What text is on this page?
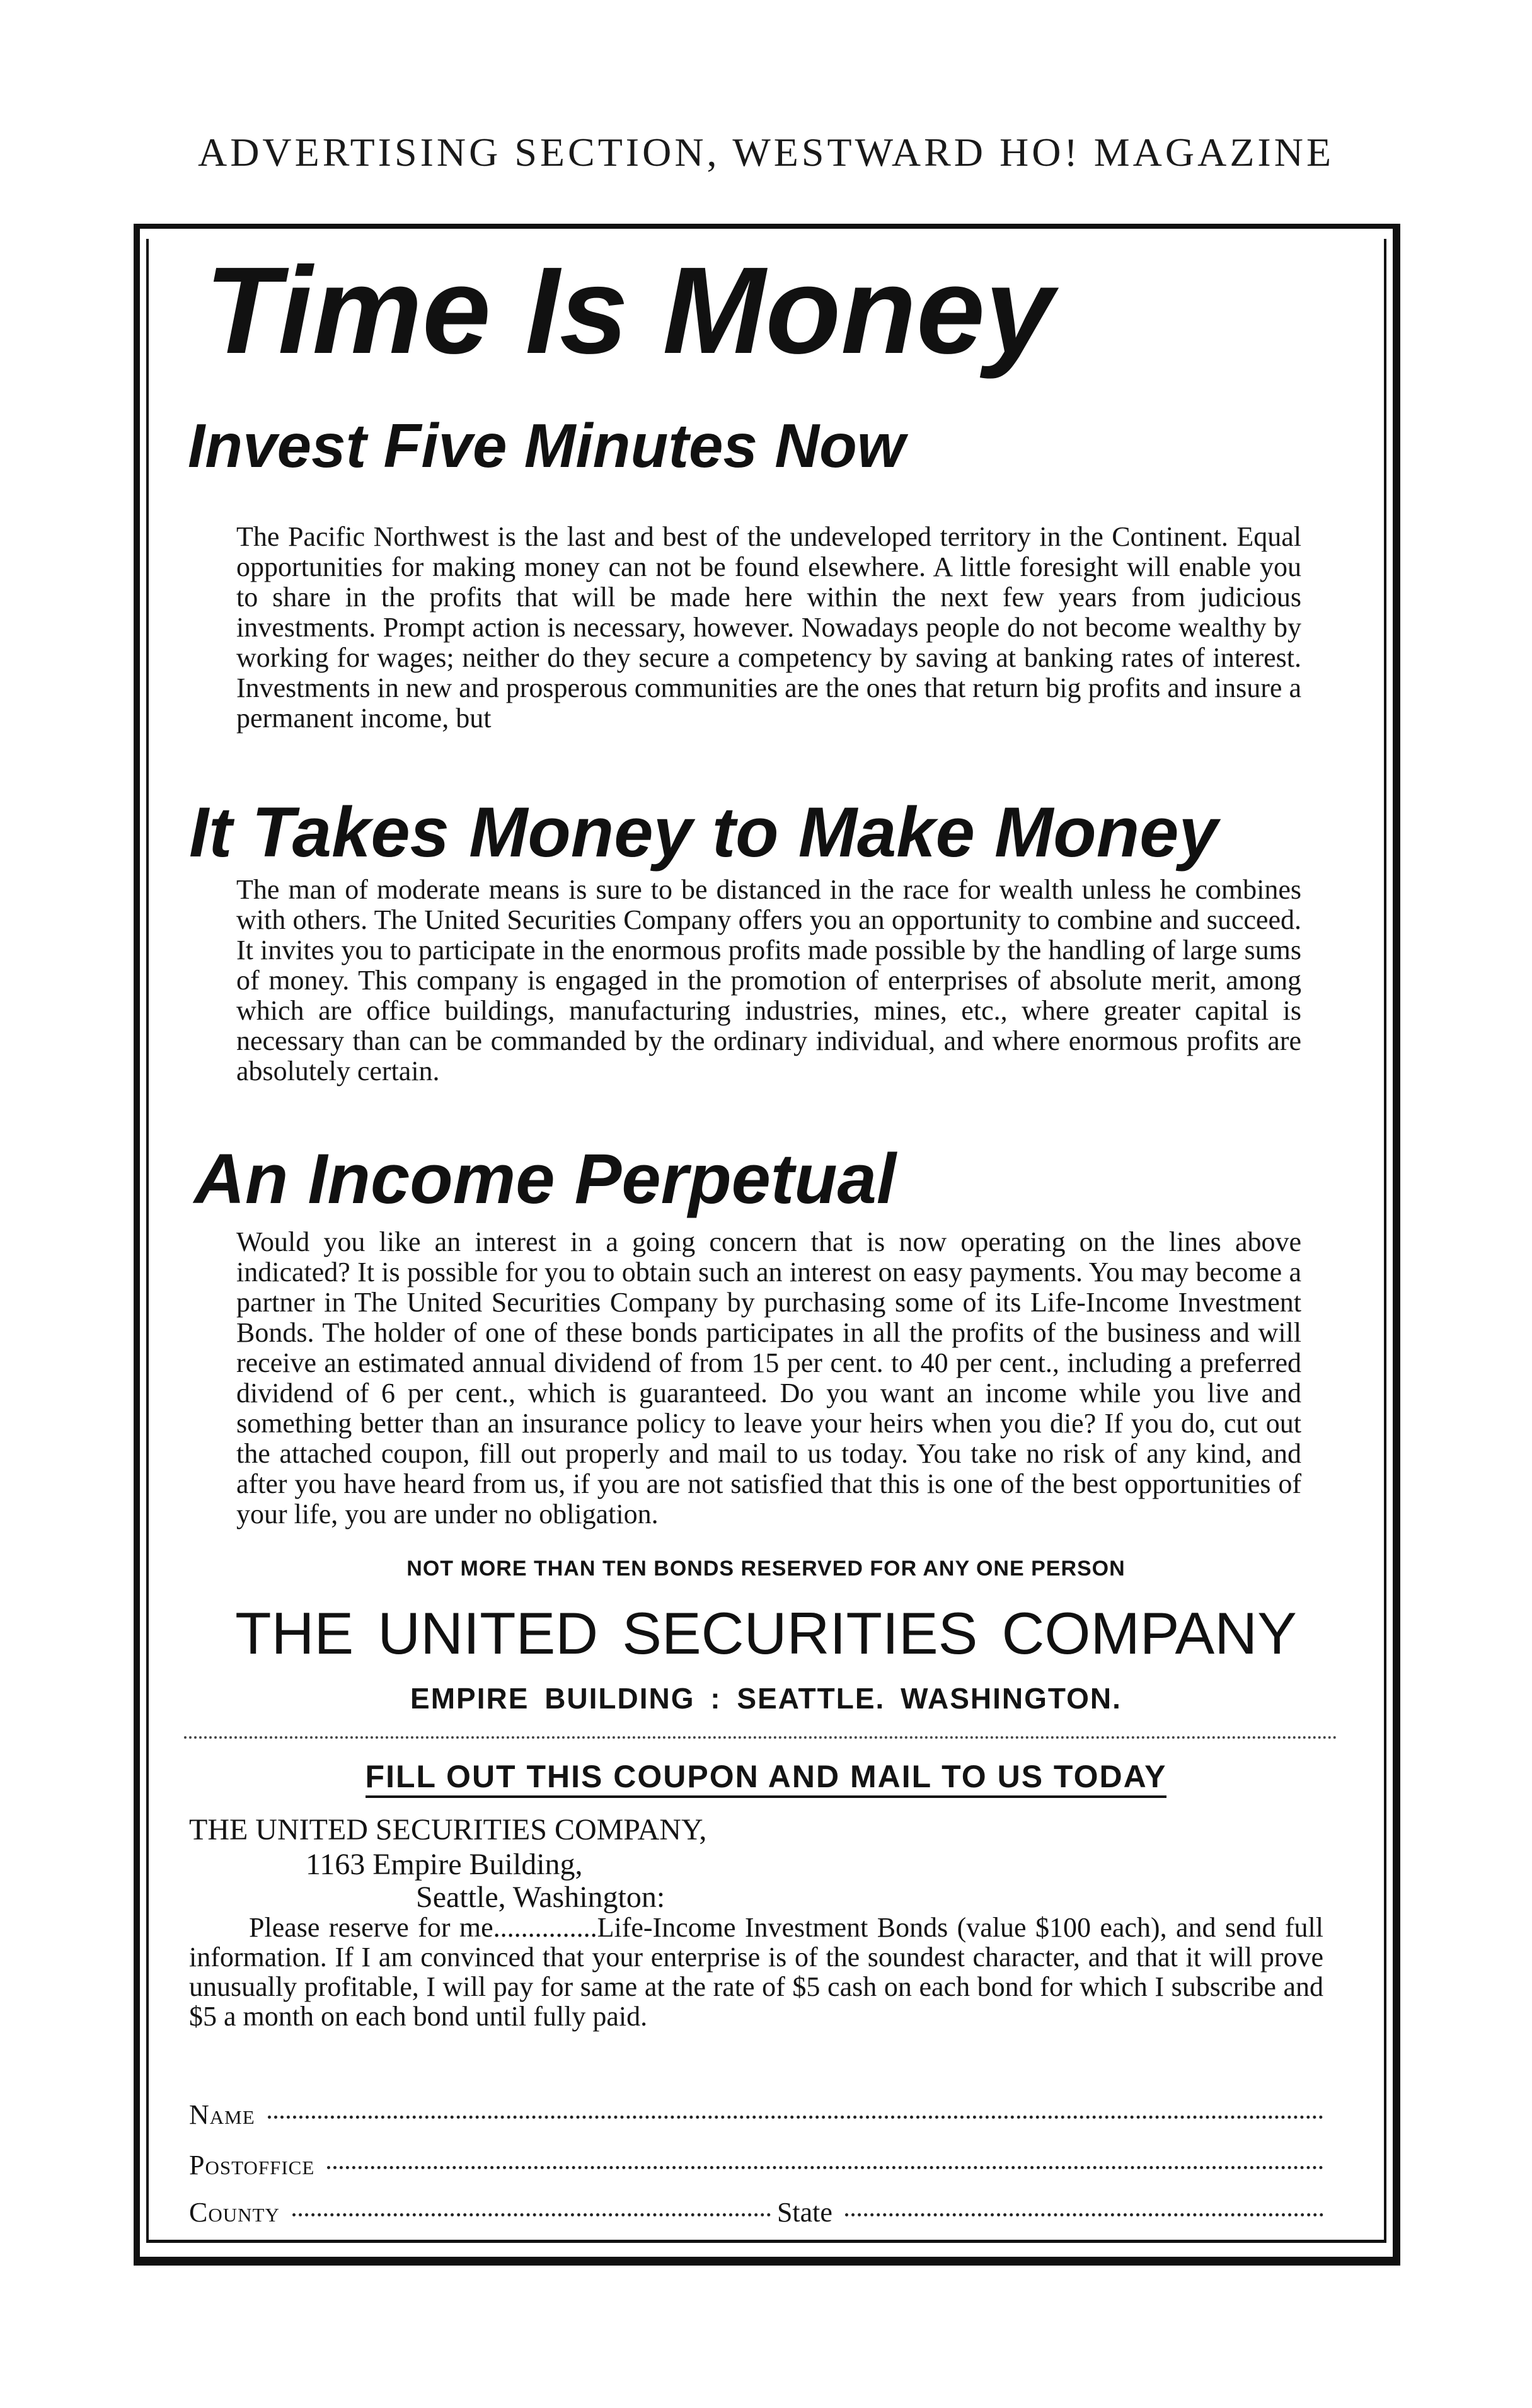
ADVERTISING SECTION, WESTWARD HO! MAGAZINE
Time Is Money
Invest Five Minutes Now
The Pacific Northwest is the last and best of the undeveloped territory in the Continent. Equal opportunities for making money can not be found elsewhere. A little foresight will enable you to share in the profits that will be made here within the next few years from judicious investments. Prompt action is necessary, however. Nowadays people do not become wealthy by working for wages; neither do they secure a competency by saving at banking rates of interest. Investments in new and prosperous communities are the ones that return big profits and insure a permanent income, but
It Takes Money to Make Money
The man of moderate means is sure to be distanced in the race for wealth unless he combines with others. The United Securities Company offers you an opportunity to combine and succeed. It invites you to participate in the enormous profits made possible by the handling of large sums of money. This company is engaged in the promotion of enterprises of absolute merit, among which are office buildings, manufacturing industries, mines, etc., where greater capital is necessary than can be commanded by the ordinary individual, and where enormous profits are absolutely certain.
An Income Perpetual
Would you like an interest in a going concern that is now operating on the lines above indicated? It is possible for you to obtain such an interest on easy payments. You may become a partner in The United Securities Company by purchasing some of its Life-Income Investment Bonds. The holder of one of these bonds participates in all the profits of the business and will receive an estimated annual dividend of from 15 per cent. to 40 per cent., including a preferred dividend of 6 per cent., which is guaranteed. Do you want an income while you live and something better than an insurance policy to leave your heirs when you die? If you do, cut out the attached coupon, fill out properly and mail to us today. You take no risk of any kind, and after you have heard from us, if you are not satisfied that this is one of the best opportunities of your life, you are under no obligation.
NOT MORE THAN TEN BONDS RESERVED FOR ANY ONE PERSON
THE UNITED SECURITIES COMPANY
EMPIRE BUILDING : SEATTLE. WASHINGTON.
FILL OUT THIS COUPON AND MAIL TO US TODAY
THE UNITED SECURITIES COMPANY,
1163 Empire Building,
Seattle, Washington:
Please reserve for me...............Life-Income Investment Bonds (value $100 each), and send full information. If I am convinced that your enterprise is of the soundest character, and that it will prove unusually profitable, I will pay for same at the rate of $5 cash on each bond for which I subscribe and $5 a month on each bond until fully paid.
Name
Postoffice
County	State
